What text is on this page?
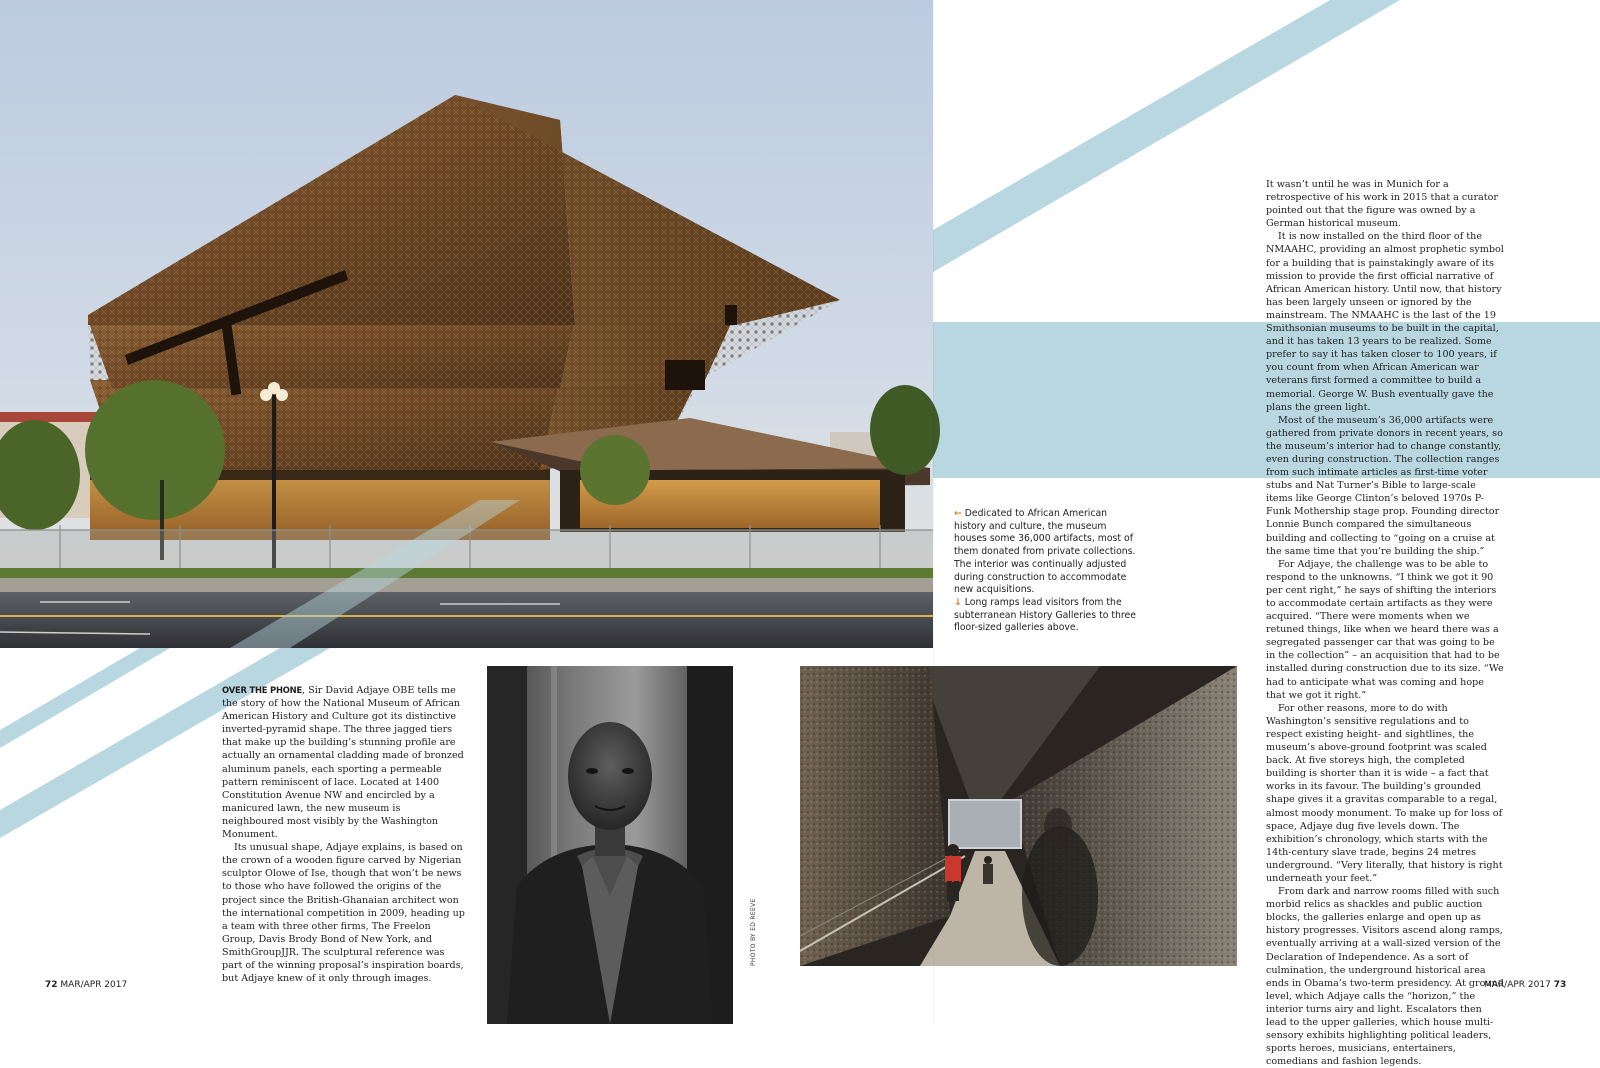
PHOTO BY ED REEVE
← Dedicated to African American history and culture, the museum houses some 36,000 artifacts, most of them donated from private collections. The interior was continually adjusted during construction to accommodate new acquisitions.
↓ Long ramps lead visitors from the subterranean History Galleries to three floor-sized galleries above.

OVER THE PHONE, Sir David Adjaye OBE tells me the story of how the National Museum of African American History and Culture got its distinctive inverted-pyramid shape. The three jagged tiers that make up the building’s stunning profile are actually an ornamental cladding made of bronzed aluminum panels, each sporting a permeable pattern reminiscent of lace. Located at 1400 Constitution Avenue NW and encircled by a manicured lawn, the new museum is neighboured most visibly by the Washington Monument.

Its unusual shape, Adjaye explains, is based on the crown of a wooden figure carved by Nigerian sculptor Olowe of Ise, though that won’t be news to those who have followed the origins of the project since the British-Ghanaian architect won the international competition in 2009, heading up a team with three other firms, The Freelon Group, Davis Brody Bond of New York, and SmithGroupJJR. The sculptural reference was part of the winning proposal’s inspiration boards, but Adjaye knew of it only through images.

It wasn’t until he was in Munich for a retrospective of his work in 2015 that a curator pointed out that the figure was owned by a German historical museum.

It is now installed on the third floor of the NMAAHC, providing an almost prophetic symbol for a building that is painstakingly aware of its mission to provide the first official narrative of African American history. Until now, that history has been largely unseen or ignored by the mainstream. The NMAAHC is the last of the 19 Smithsonian museums to be built in the capital, and it has taken 13 years to be realized. Some prefer to say it has taken closer to 100 years, if you count from when African American war veterans first formed a committee to build a memorial. George W. Bush eventually gave the plans the green light.

Most of the museum’s 36,000 artifacts were gathered from private donors in recent years, so the museum’s interior had to change constantly, even during construction. The collection ranges from such intimate articles as first-time voter stubs and Nat Turner’s Bible to large-scale items like George Clinton’s beloved 1970s P-Funk Mothership stage prop. Founding director Lonnie Bunch compared the simultaneous building and collecting to “going on a cruise at the same time that you’re building the ship.”

For Adjaye, the challenge was to be able to respond to the unknowns. “I think we got it 90 per cent right,” he says of shifting the interiors to accommodate certain artifacts as they were acquired. “There were moments when we retuned things, like when we heard there was a segregated passenger car that was going to be in the collection” – an acquisition that had to be installed during construction due to its size. “We had to anticipate what was coming and hope that we got it right.”

For other reasons, more to do with Washington’s sensitive regulations and to respect existing height- and sightlines, the museum’s above-ground footprint was scaled back. At five storeys high, the completed building is shorter than it is wide – a fact that works in its favour. The building’s grounded shape gives it a gravitas comparable to a regal, almost moody monument. To make up for loss of space, Adjaye dug five levels down. The exhibition’s chronology, which starts with the 14th-century slave trade, begins 24 metres underground. “Very literally, that history is right underneath your feet.”

From dark and narrow rooms filled with such morbid relics as shackles and public auction blocks, the galleries enlarge and open up as history progresses. Visitors ascend along ramps, eventually arriving at a wall-sized version of the Declaration of Independence. As a sort of culmination, the underground historical area ends in Obama’s two-term presidency. At ground level, which Adjaye calls the “horizon,” the interior turns airy and light. Escalators then lead to the upper galleries, which house multi-sensory exhibits highlighting political leaders, sports heroes, musicians, entertainers, comedians and fashion legends.

72 MAR/APR 2017	MAR/APR 2017 73
